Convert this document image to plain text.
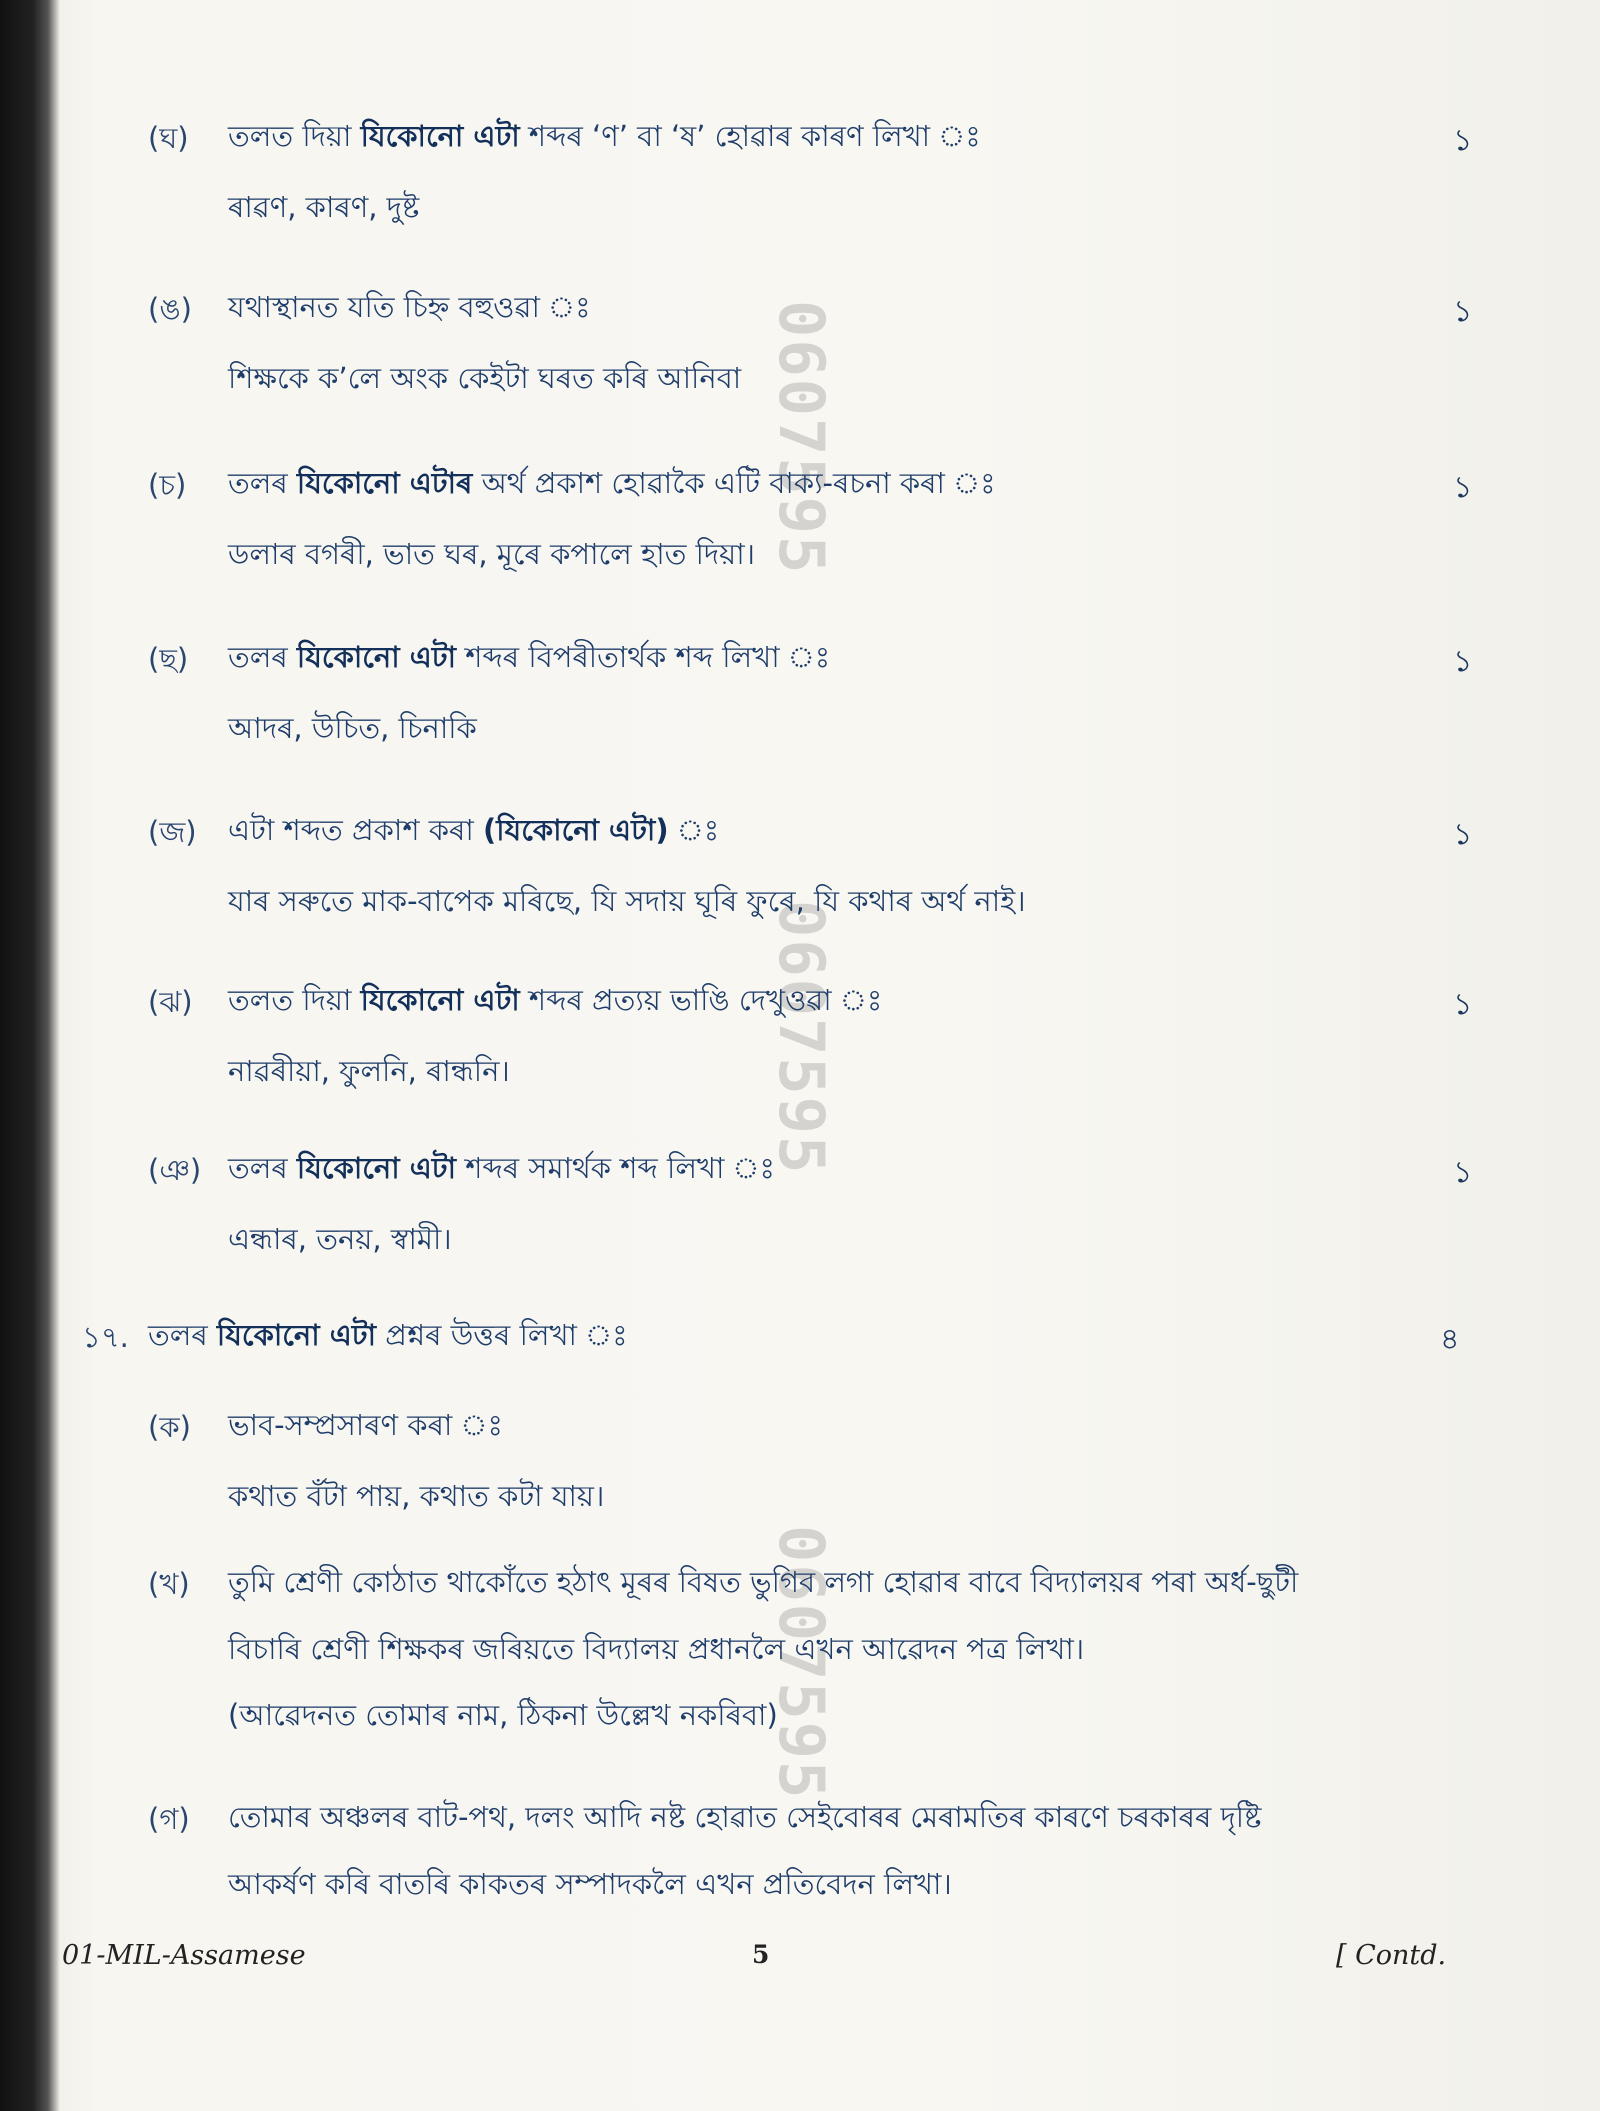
0607595
0607595
0607595
(ঘ)	তলত দিয়া যিকোনো এটা শব্দৰ ‘ণ’ বা ‘ষ’ হোৱাৰ কাৰণ লিখা ঃ	১
ৰাৱণ, কাৰণ, দুষ্ট
(ঙ)	যথাস্থানত যতি চিহ্ন বহুওৱা ঃ	১
শিক্ষকে ক’লে অংক কেইটা ঘৰত কৰি আনিবা
(চ)	তলৰ যিকোনো এটাৰ অৰ্থ প্ৰকাশ হোৱাকৈ এটি বাক্য-ৰচনা কৰা ঃ	১
ডলাৰ বগৰী, ভাত ঘৰ, মূৰে কপালে হাত দিয়া।
(ছ)	তলৰ যিকোনো এটা শব্দৰ বিপৰীতাৰ্থক শব্দ লিখা ঃ	১
আদৰ, উচিত, চিনাকি
(জ)	এটা শব্দত প্ৰকাশ কৰা (যিকোনো এটা) ঃ	১
যাৰ সৰুতে মাক-বাপেক মৰিছে, যি সদায় ঘূৰি ফুৰে, যি কথাৰ অৰ্থ নাই।
(ঝ)	তলত দিয়া যিকোনো এটা শব্দৰ প্ৰত্যয় ভাঙি দেখুওৱা ঃ	১
নাৱৰীয়া, ফুলনি, ৰান্ধনি।
(ঞ) তলৰ যিকোনো এটা শব্দৰ সমাৰ্থক শব্দ লিখা ঃ	১
এন্ধাৰ, তনয়, স্বামী।
১৭. তলৰ যিকোনো এটা প্ৰশ্নৰ উত্তৰ লিখা ঃ	৪
(ক)	ভাব-সম্প্ৰসাৰণ কৰা ঃ
কথাত বঁটা পায়, কথাত কটা যায়।
(খ)	তুমি শ্ৰেণী কোঠাত থাকোঁতে হঠাৎ মূৰৰ বিষত ভুগিব লগা হোৱাৰ বাবে বিদ্যালয়ৰ পৰা অৰ্ধ-ছুটী
বিচাৰি শ্ৰেণী শিক্ষকৰ জৰিয়তে বিদ্যালয় প্ৰধানলৈ এখন আৱেদন পত্ৰ লিখা।
(আৱেদনত তোমাৰ নাম, ঠিকনা উল্লেখ নকৰিবা)
(গ)	তোমাৰ অঞ্চলৰ বাট-পথ, দলং আদি নষ্ট হোৱাত সেইবোৰৰ মেৰামতিৰ কাৰণে চৰকাৰৰ দৃষ্টি
আকৰ্ষণ কৰি বাতৰি কাকতৰ সম্পাদকলৈ এখন প্ৰতিবেদন লিখা।
01-MIL-Assamese	5	[ Contd.
